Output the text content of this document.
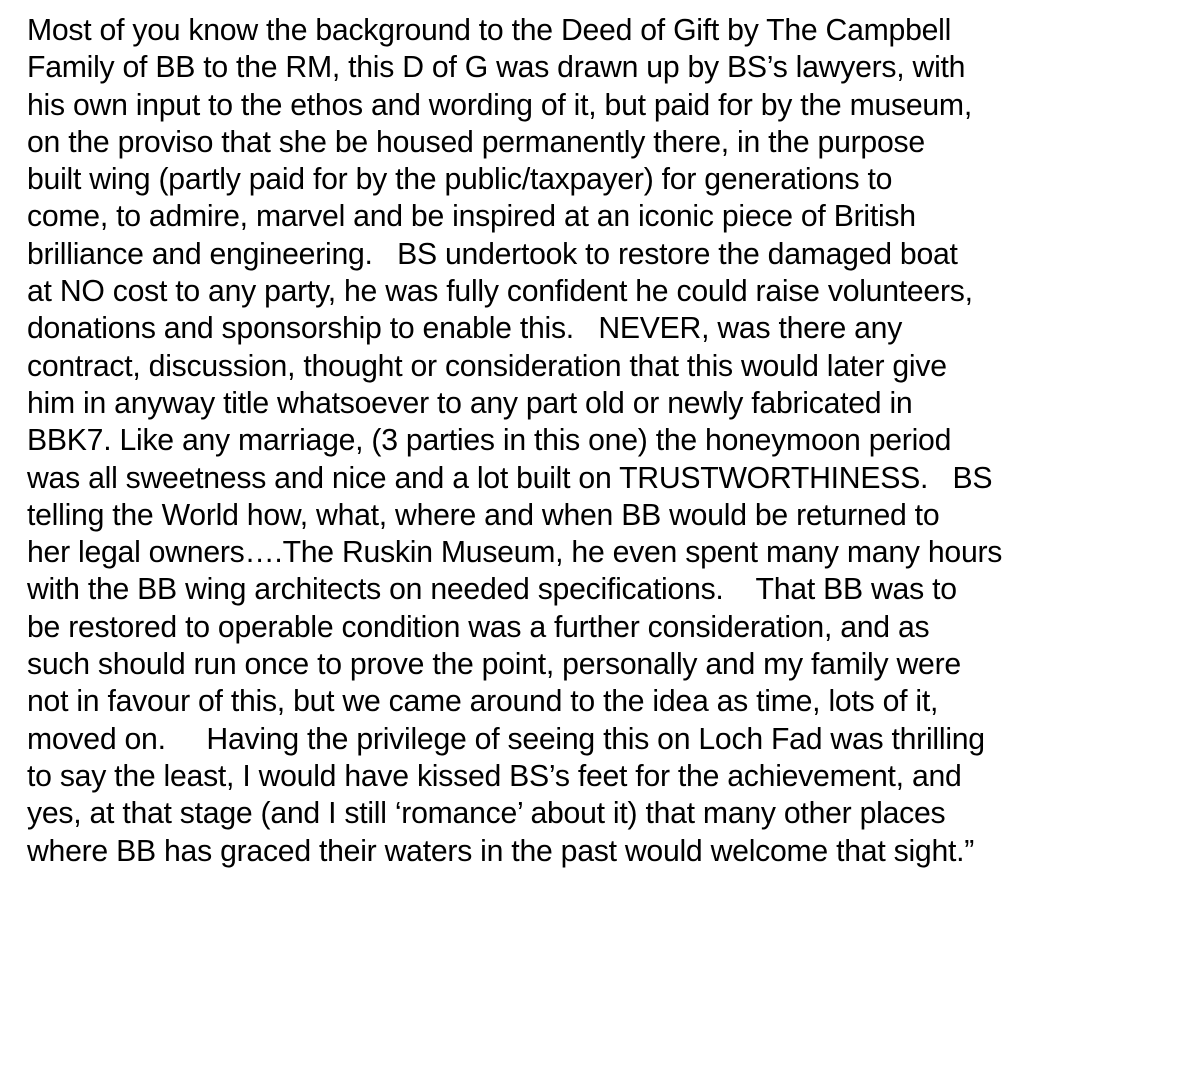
Most of you know the background to the Deed of Gift by The Campbell
Family of BB to the RM, this D of G was drawn up by BS’s lawyers, with
his own input to the ethos and wording of it, but paid for by the museum,
on the proviso that she be housed permanently there, in the purpose
built wing (partly paid for by the public/taxpayer) for generations to
come, to admire, marvel and be inspired at an iconic piece of British
brilliance and engineering.   BS undertook to restore the damaged boat
at NO cost to any party, he was fully confident he could raise volunteers,
donations and sponsorship to enable this.   NEVER, was there any
contract, discussion, thought or consideration that this would later give
him in anyway title whatsoever to any part old or newly fabricated in
BBK7. Like any marriage, (3 parties in this one) the honeymoon period
was all sweetness and nice and a lot built on TRUSTWORTHINESS.   BS
telling the World how, what, where and when BB would be returned to
her legal owners….The Ruskin Museum, he even spent many many hours
with the BB wing architects on needed specifications.    That BB was to
be restored to operable condition was a further consideration, and as
such should run once to prove the point, personally and my family were
not in favour of this, but we came around to the idea as time, lots of it,
moved on.     Having the privilege of seeing this on Loch Fad was thrilling
to say the least, I would have kissed BS’s feet for the achievement, and
yes, at that stage (and I still ‘romance’ about it) that many other places
where BB has graced their waters in the past would welcome that sight.”
